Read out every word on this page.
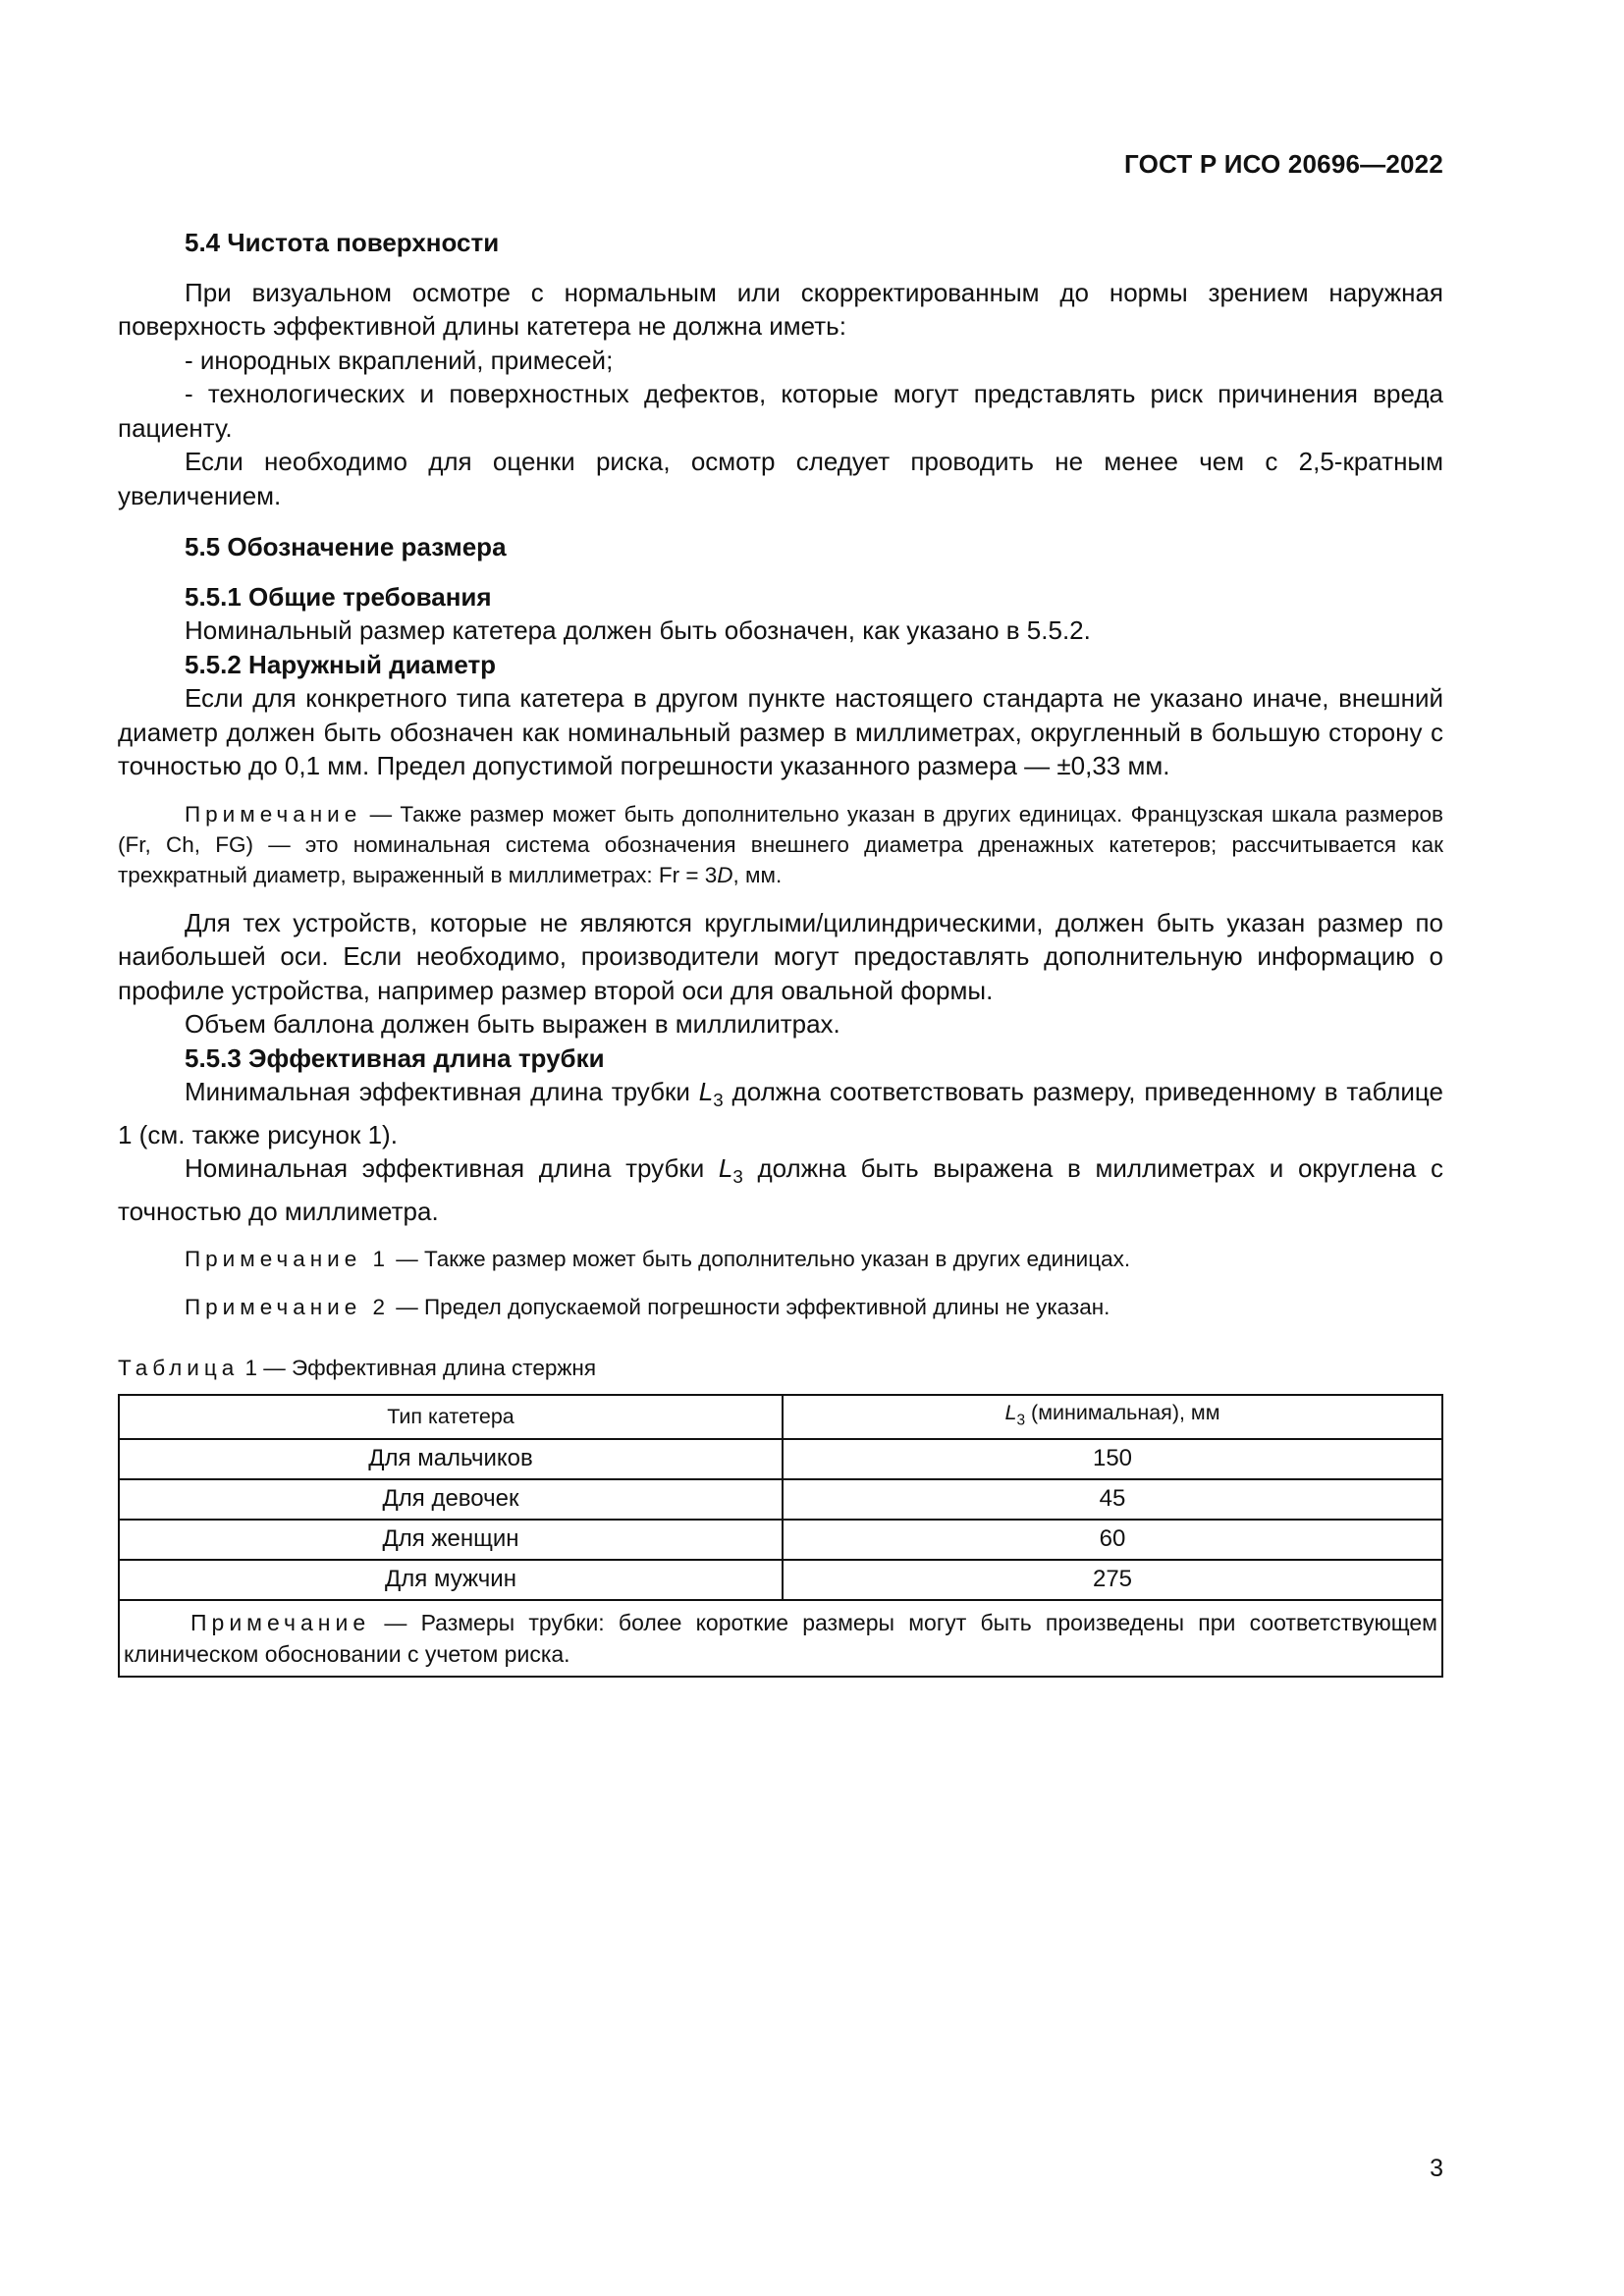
ГОСТ Р ИСО 20696—2022
5.4 Чистота поверхности

При визуальном осмотре с нормальным или скорректированным до нормы зрением наружная поверхность эффективной длины катетера не должна иметь:

- инородных вкраплений, примесей;

- технологических и поверхностных дефектов, которые могут представлять риск причинения вреда пациенту.

Если необходимо для оценки риска, осмотр следует проводить не менее чем с 2,5-кратным увеличением.

5.5 Обозначение размера
5.5.1 Общие требования
Номинальный размер катетера должен быть обозначен, как указано в 5.5.2.
5.5.2 Наружный диаметр

Если для конкретного типа катетера в другом пункте настоящего стандарта не указано иначе, внешний диаметр должен быть обозначен как номинальный размер в миллиметрах, округленный в большую сторону с точностью до 0,1 мм. Предел допустимой погрешности указанного размера — ±0,33 мм.

Примечание — Также размер может быть дополнительно указан в других единицах. Французская шкала размеров (Fr, Ch, FG) — это номинальная система обозначения внешнего диаметра дренажных катетеров; рассчитывается как трехкратный диаметр, выраженный в миллиметрах: Fr = 3D, мм.

Для тех устройств, которые не являются круглыми/цилиндрическими, должен быть указан размер по наибольшей оси. Если необходимо, производители могут предоставлять дополнительную информацию о профиле устройства, например размер второй оси для овальной формы.

Объем баллона должен быть выражен в миллилитрах.
5.5.3 Эффективная длина трубки

Минимальная эффективная длина трубки $L_3$ должна соответствовать размеру, приведенному в таблице 1 (см. также рисунок 1).

Номинальная эффективная длина трубки $L_3$ должна быть выражена в миллиметрах и округлена с точностью до миллиметра.

Примечание 1 — Также размер может быть дополнительно указан в других единицах.

Примечание 2 — Предел допускаемой погрешности эффективной длины не указан.

Таблица 1 — Эффективная длина стержня
Тип катетера	$L_3$ (минимальная), мм
Для мальчиков	150
Для девочек	45
Для женщин	60
Для мужчин	275
Примечание — Размеры трубки: более короткие размеры могут быть произведены при соответствующем клиническом обосновании с учетом риска.	
3
